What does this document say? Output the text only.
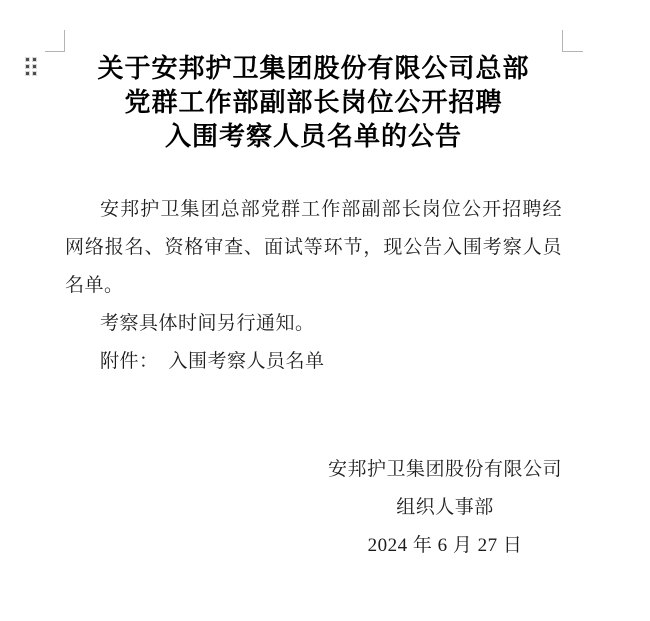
关于安邦护卫集团股份有限公司总部
党群工作部副部长岗位公开招聘
入围考察人员名单的公告

安邦护卫集团总部党群工作部副部长岗位公开招聘经网络报名、资格审查、面试等环节，现公告入围考察人员名单。

考察具体时间另行通知。

附件： 入围考察人员名单

安邦护卫集团股份有限公司
组织人事部
2024 年 6 月 27 日
